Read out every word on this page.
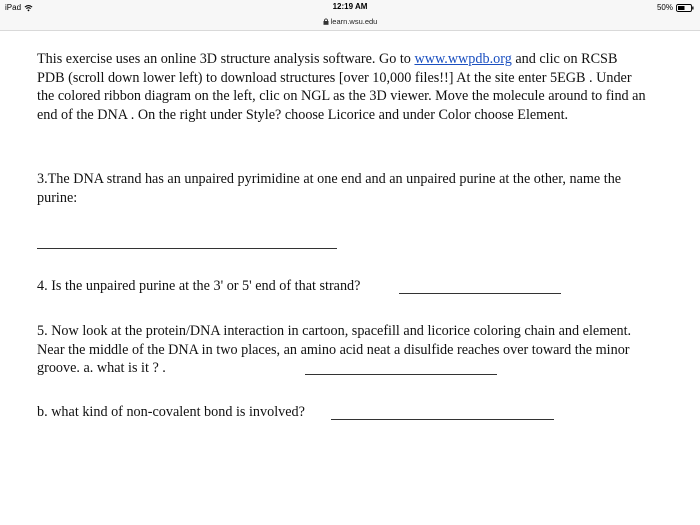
iPad	12:19 AM
learn.wsu.edu
50%

This exercise uses an online 3D structure analysis software. Go to www.wwpdb.org and clic on RCSB PDB (scroll down lower left) to download structures [over 10,000 files!!] At the site enter 5EGB . Under the colored ribbon diagram on the left, clic on NGL as the 3D viewer. Move the molecule around to find an end of the DNA . On the right under Style? choose Licorice and under Color choose Element.

3.The DNA strand has an unpaired pyrimidine at one end and an unpaired purine at the other, name the purine:

4. Is the unpaired purine at the 3' or 5' end of that strand?

5. Now look at the protein/DNA interaction in cartoon, spacefill and licorice coloring chain and element. Near the middle of the DNA in two places, an amino acid neat a disulfide reaches over toward the minor groove. a. what is it ? .

b. what kind of non-covalent bond is involved?
